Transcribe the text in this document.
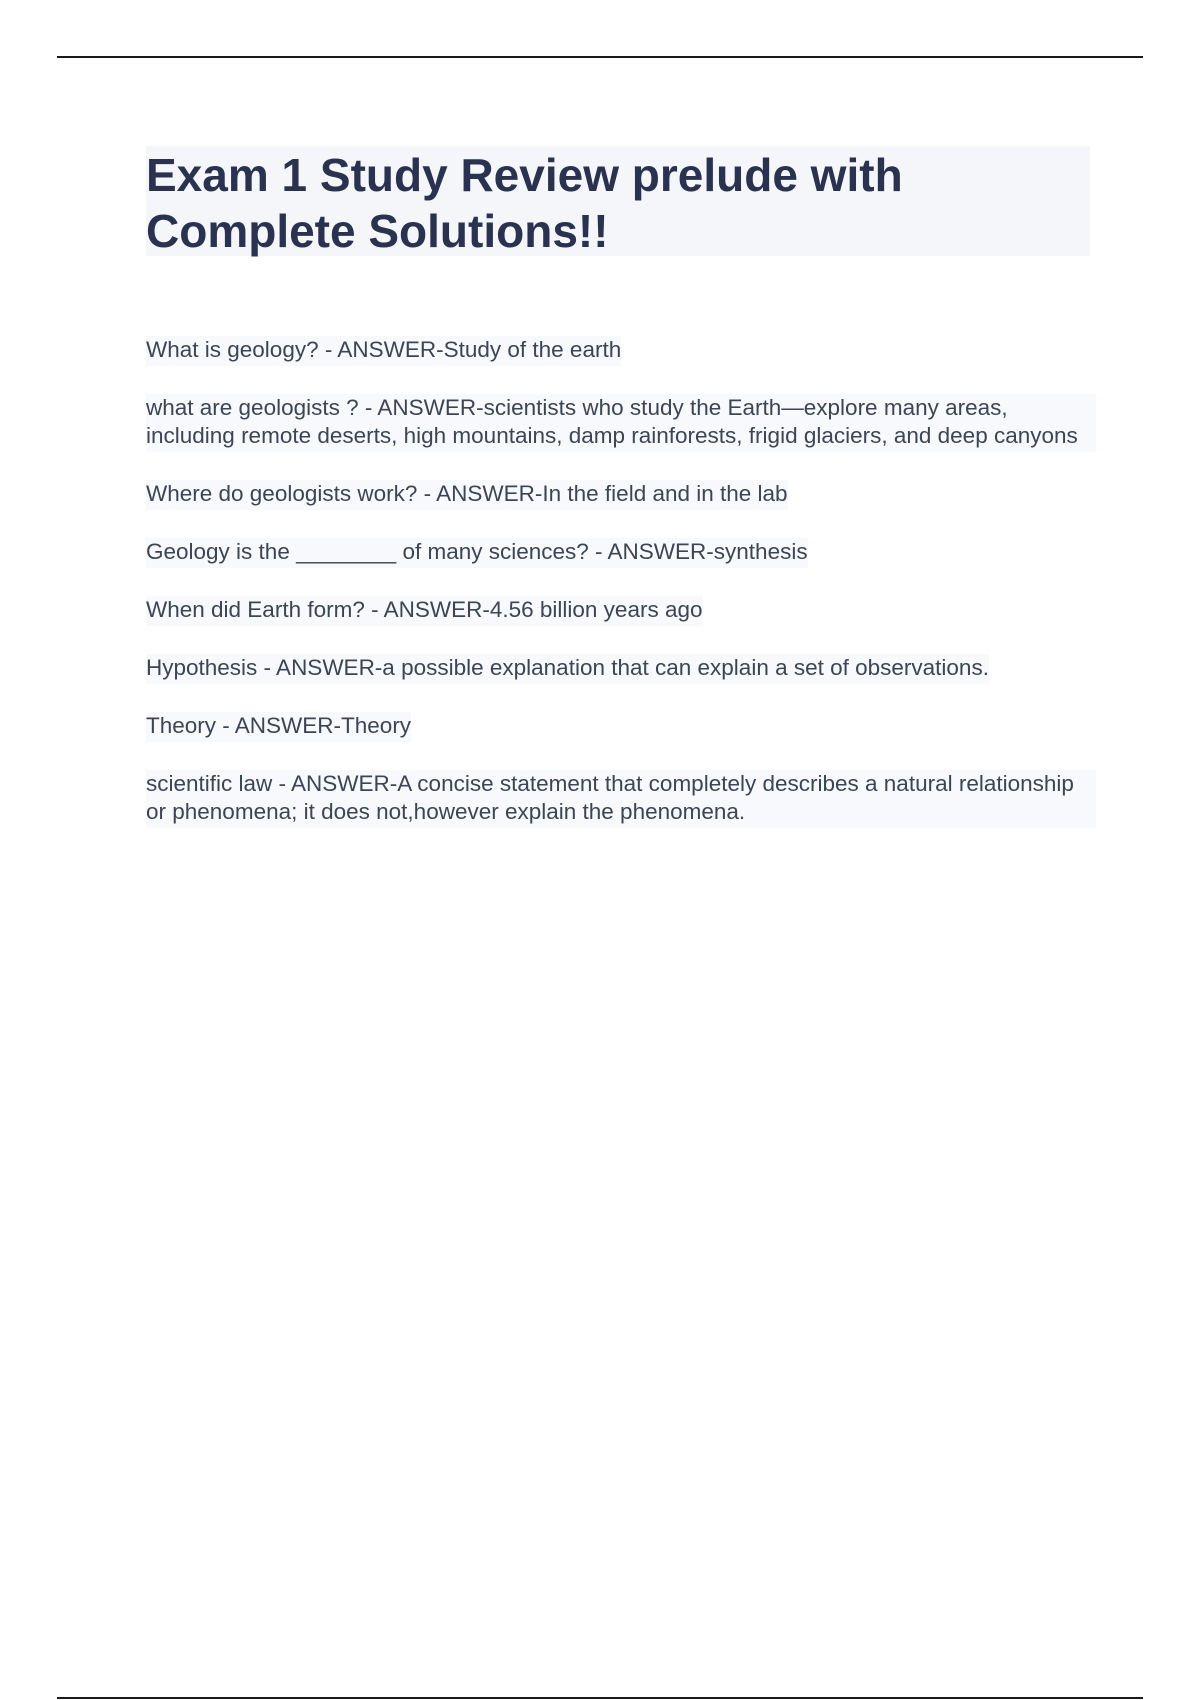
Exam 1 Study Review prelude with Complete Solutions!!
What is geology? - ANSWER-Study of the earth
what are geologists ? - ANSWER-scientists who study the Earth—explore many areas, including remote deserts, high mountains, damp rainforests, frigid glaciers, and deep canyons
Where do geologists work? - ANSWER-In the field and in the lab
Geology is the ________ of many sciences? - ANSWER-synthesis
When did Earth form? - ANSWER-4.56 billion years ago
Hypothesis - ANSWER-a possible explanation that can explain a set of observations.
Theory - ANSWER-Theory
scientific law - ANSWER-A concise statement that completely describes a natural relationship or phenomena; it does not,however explain the phenomena.
